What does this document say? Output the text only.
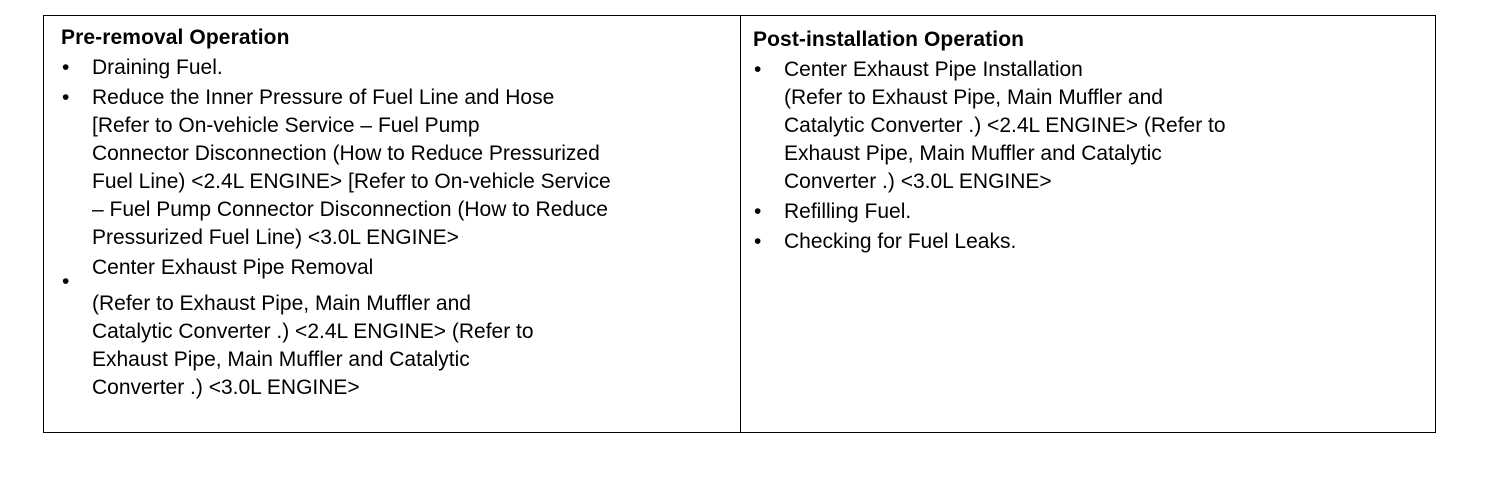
Pre-removal Operation
• Draining Fuel.
• Reduce the Inner Pressure of Fuel Line and Hose
[Refer to On-vehicle Service – Fuel Pump
Connector Disconnection (How to Reduce Pressurized
Fuel Line) <2.4L ENGINE> [Refer to On-vehicle Service
– Fuel Pump Connector Disconnection (How to Reduce
Pressurized Fuel Line) <3.0L ENGINE>
•
Center Exhaust Pipe Removal
(Refer to Exhaust Pipe, Main Muffler and
Catalytic Converter .) <2.4L ENGINE> (Refer to
Exhaust Pipe, Main Muffler and Catalytic
Converter .) <3.0L ENGINE>
Post-installation Operation
• Center Exhaust Pipe Installation
(Refer to Exhaust Pipe, Main Muffler and
Catalytic Converter .) <2.4L ENGINE> (Refer to
Exhaust Pipe, Main Muffler and Catalytic
Converter .) <3.0L ENGINE>
• Refilling Fuel.
• Checking for Fuel Leaks.
